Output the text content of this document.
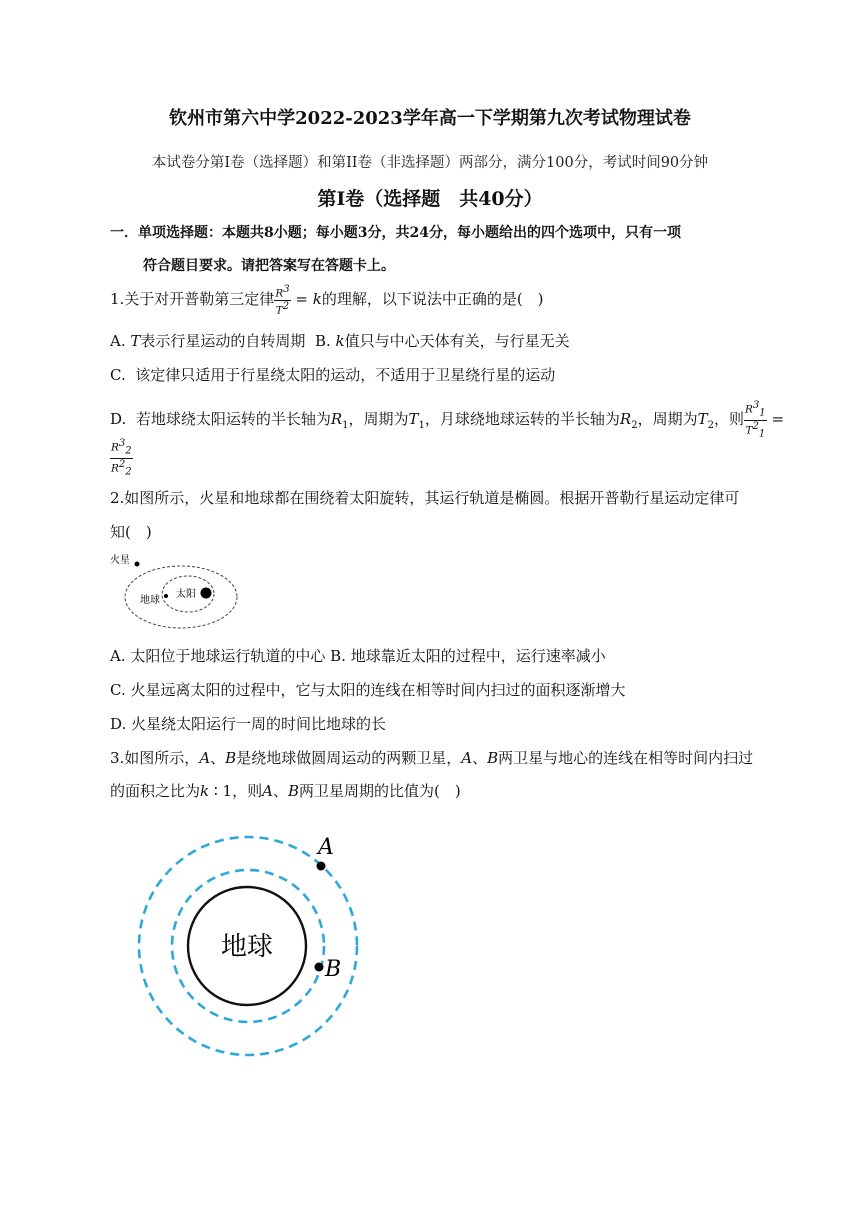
钦州市第六中学2022-2023学年高一下学期第九次考试物理试卷
本试卷分第I卷（选择题）和第II卷（非选择题）两部分，满分100分，考试时间90分钟
第I卷（选择题　共40分）
一．单项选择题：本题共8小题；每小题3分，共24分，每小题给出的四个选项中，只有一项
符合题目要求。请把答案写在答题卡上。
1.关于对开普勒第三定律 $\frac{R^3}{T^2} = k$的理解，以下说法中正确的是(　)
A. T表示行星运动的自转周期 B. k值只与中心天体有关，与行星无关
C. 该定律只适用于行星绕太阳的运动，不适用于卫星绕行星的运动
D. 若地球绕太阳运转的半长轴为$R_1$，周期为$T_1$，月球绕地球运转的半长轴为$R_2$，周期为$T_2$，则 $\frac{R^3_1}{T^2_1}$ =
$\frac{R^3_2}{R^2_2}$
2.如图所示，火星和地球都在围绕着太阳旋转，其运行轨道是椭圆。根据开普勒行星运动定律可
知(　)
火星
地球
太阳
A. 太阳位于地球运行轨道的中心 B. 地球靠近太阳的过程中，运行速率减小
C. 火星远离太阳的过程中，它与太阳的连线在相等时间内扫过的面积逐渐增大
D. 火星绕太阳运行一周的时间比地球的长
3.如图所示，A、B是绕地球做圆周运动的两颗卫星，A、B两卫星与地心的连线在相等时间内扫过
的面积之比为k ∶ 1，则A、B两卫星周期的比值为(　)
地球
A
B
